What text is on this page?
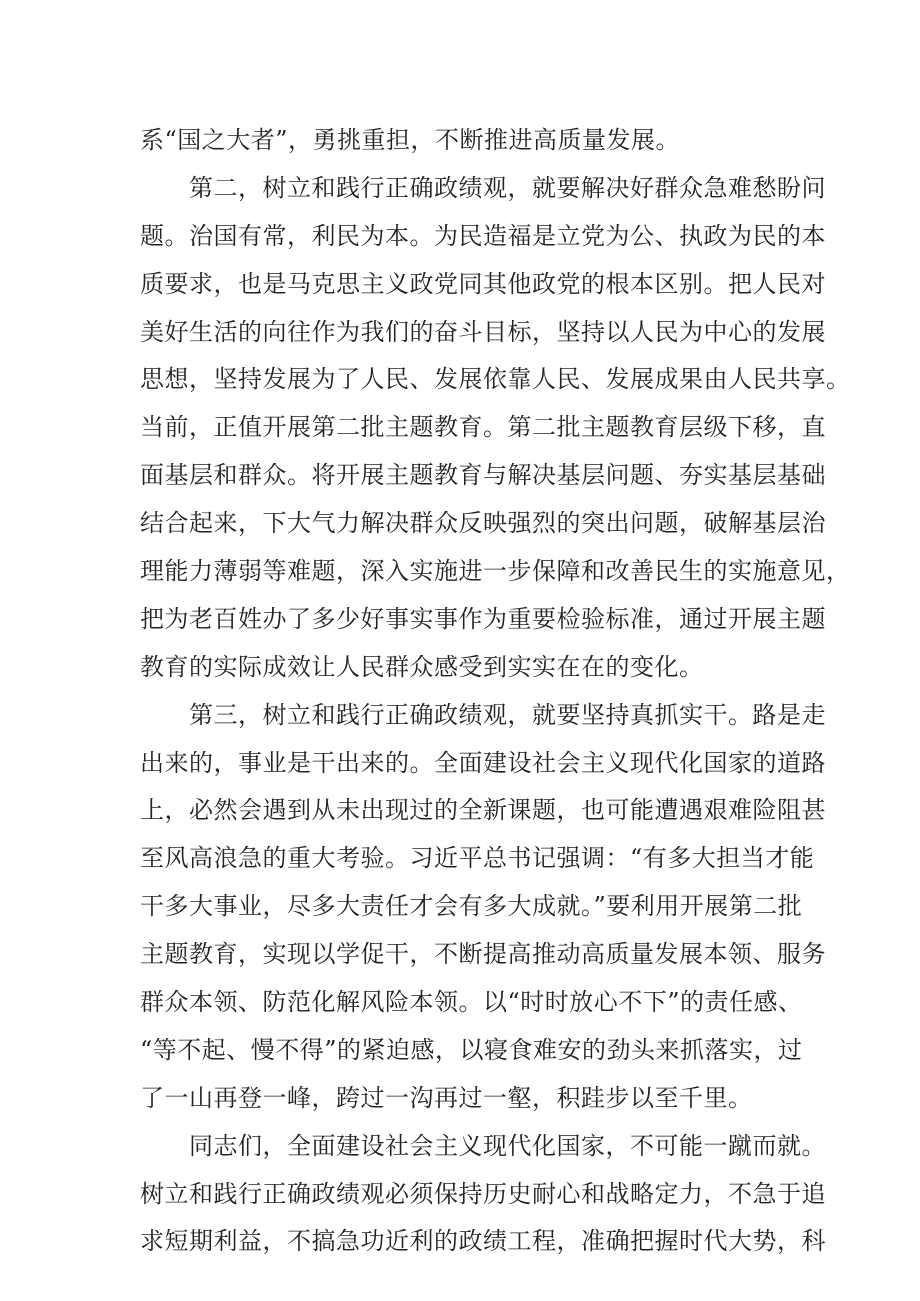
系“国之大者”，勇挑重担，不断推进高质量发展。
　　第二，树立和践行正确政绩观，就要解决好群众急难愁盼问
题。治国有常，利民为本。为民造福是立党为公、执政为民的本
质要求，也是马克思主义政党同其他政党的根本区别。把人民对
美好生活的向往作为我们的奋斗目标，坚持以人民为中心的发展
思想，坚持发展为了人民、发展依靠人民、发展成果由人民共享。
当前，正值开展第二批主题教育。第二批主题教育层级下移，直
面基层和群众。将开展主题教育与解决基层问题、夯实基层基础
结合起来，下大气力解决群众反映强烈的突出问题，破解基层治
理能力薄弱等难题，深入实施进一步保障和改善民生的实施意见，
把为老百姓办了多少好事实事作为重要检验标准，通过开展主题
教育的实际成效让人民群众感受到实实在在的变化。
　　第三，树立和践行正确政绩观，就要坚持真抓实干。路是走
出来的，事业是干出来的。全面建设社会主义现代化国家的道路
上，必然会遇到从未出现过的全新课题，也可能遭遇艰难险阻甚
至风高浪急的重大考验。习近平总书记强调：“有多大担当才能
干多大事业，尽多大责任才会有多大成就。”要利用开展第二批
主题教育，实现以学促干，不断提高推动高质量发展本领、服务
群众本领、防范化解风险本领。以“时时放心不下”的责任感、
“等不起、慢不得”的紧迫感，以寝食难安的劲头来抓落实，过
了一山再登一峰，跨过一沟再过一壑，积跬步以至千里。
　　同志们，全面建设社会主义现代化国家，不可能一蹴而就。
树立和践行正确政绩观必须保持历史耐心和战略定力，不急于追
求短期利益，不搞急功近利的政绩工程，准确把握时代大势，科
